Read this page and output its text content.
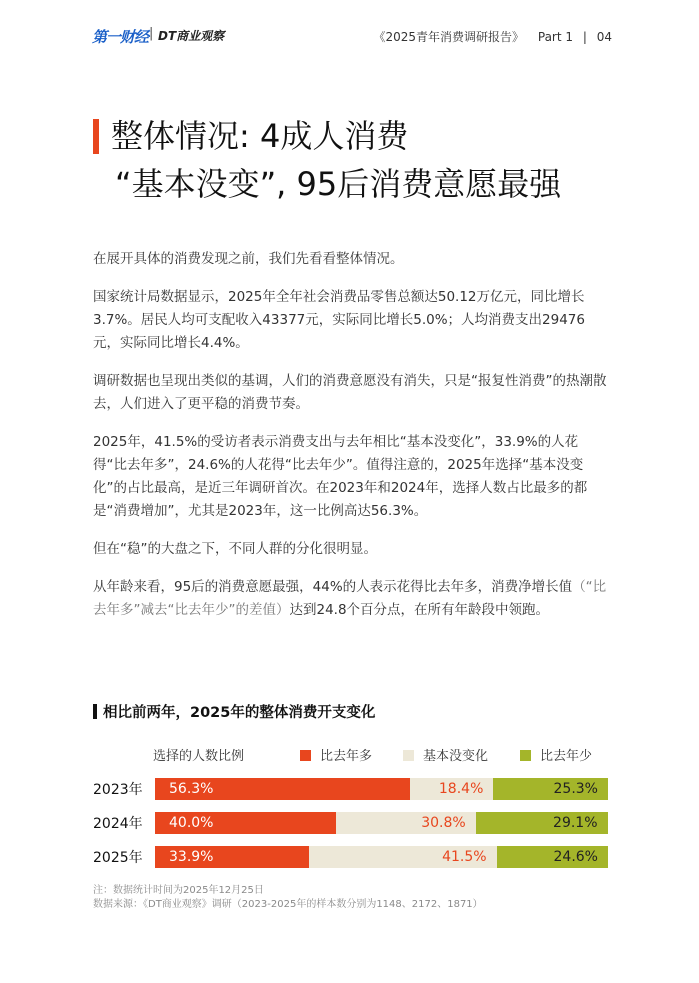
第一财经 | DT商业观察	《2025青年消费调研报告》 Part 1 | 04
整体情况: 4成人消费
“基本没变”, 95后消费意愿最强

在展开具体的消费发现之前，我们先看看整体情况。

国家统计局数据显示，2025年全年社会消费品零售总额达50.12万亿元，同比增长3.7%。居民人均可支配收入43377元，实际同比增长5.0%；人均消费支出29476元，实际同比增长4.4%。

调研数据也呈现出类似的基调，人们的消费意愿没有消失，只是“报复性消费”的热潮散去，人们进入了更平稳的消费节奏。

2025年，41.5%的受访者表示消费支出与去年相比“基本没变化”，33.9%的人花得“比去年多”，24.6%的人花得“比去年少”。值得注意的，2025年选择“基本没变化”的占比最高，是近三年调研首次。在2023年和2024年，选择人数占比最多的都是“消费增加”，尤其是2023年，这一比例高达56.3%。

但在“稳”的大盘之下，不同人群的分化很明显。

从年龄来看，95后的消费意愿最强，44%的人表示花得比去年多，消费净增长值（“比去年多”减去“比去年少”的差值）达到24.8个百分点，在所有年龄段中领跑。

相比前两年，2025年的整体消费开支变化
选择的人数比例	比去年多	基本没变化	比去年少
2023年	56.3%	18.4%	25.3%
2024年	40.0%	30.8%	29.1%
2025年	33.9%	41.5%	24.6%
注：数据统计时间为2025年12月25日
数据来源：《DT商业观察》调研（2023-2025年的样本数分别为1148、2172、1871）
